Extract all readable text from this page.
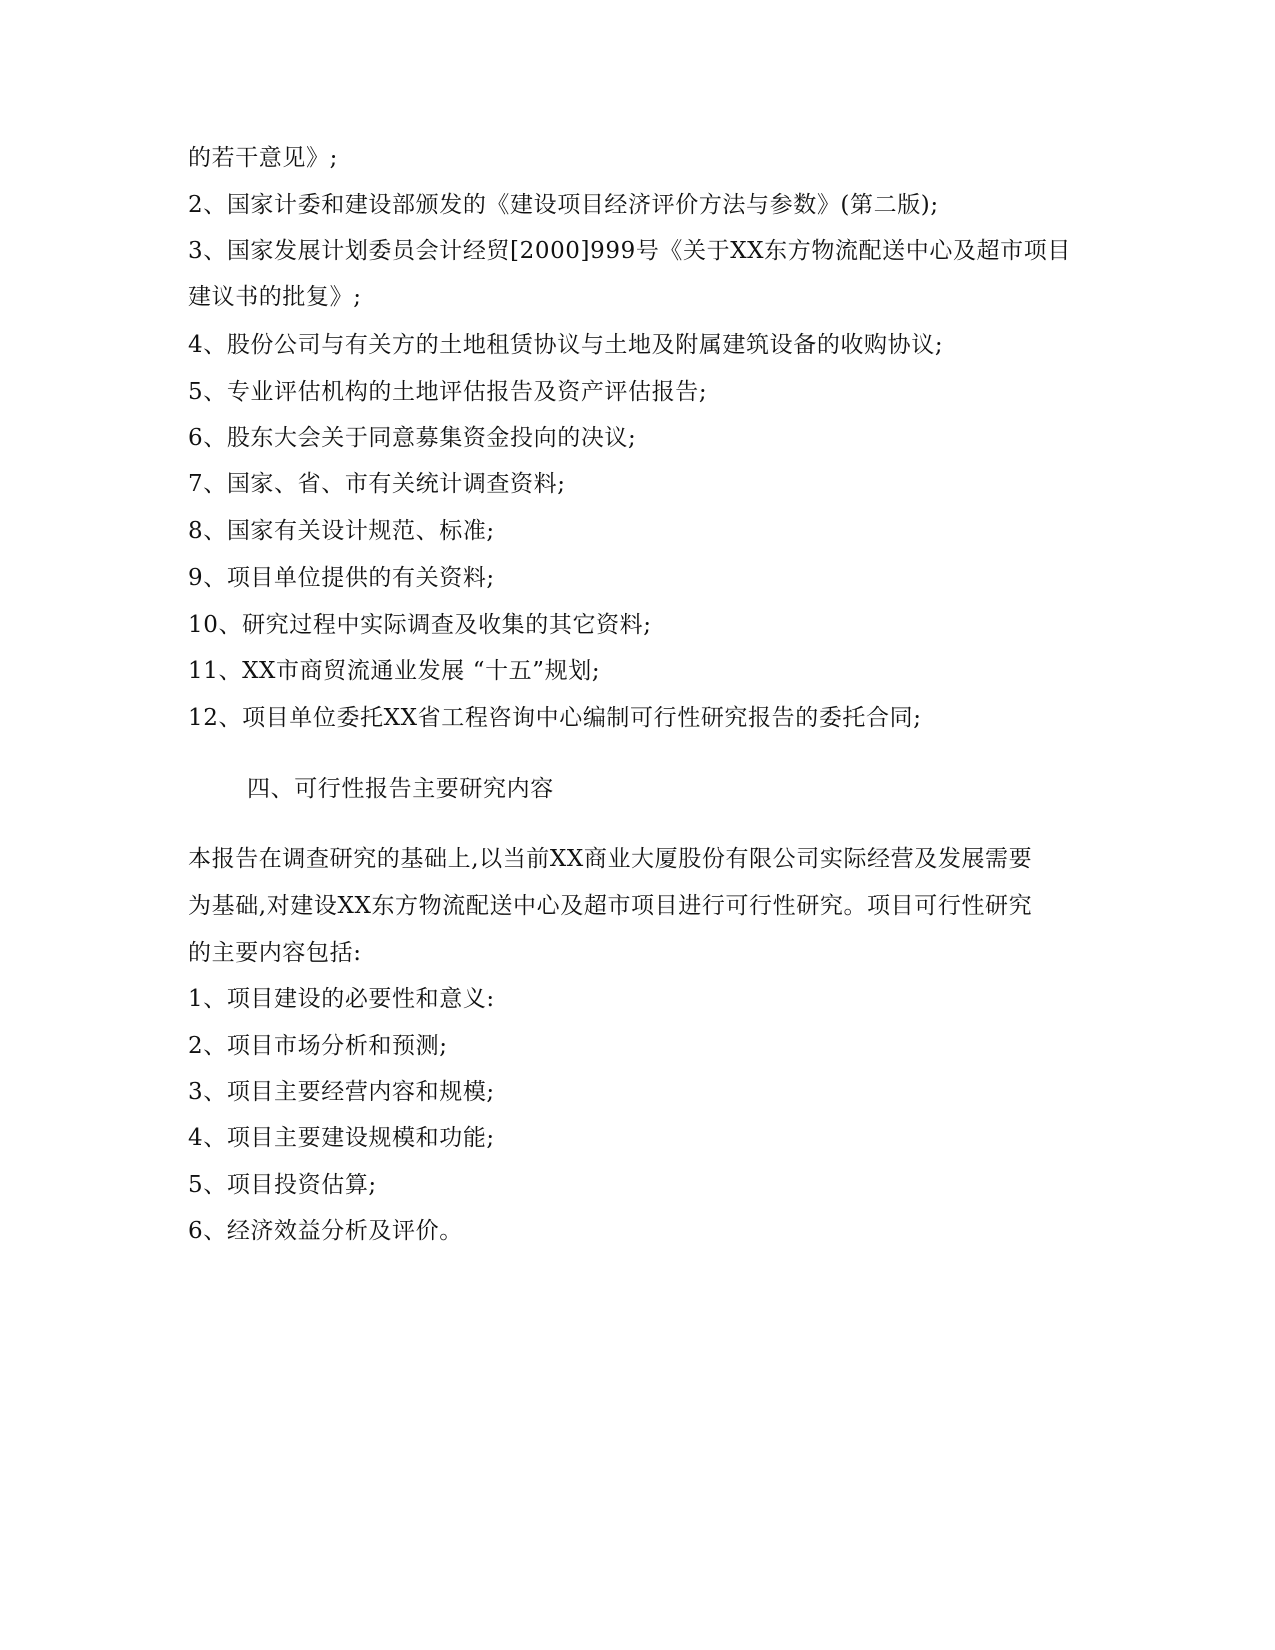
的若干意见》;
2、国家计委和建设部颁发的《建设项目经济评价方法与参数》(第二版);
3、国家发展计划委员会计经贸[2000]999号《关于XX东方物流配送中心及超市项目
建议书的批复》;
4、股份公司与有关方的土地租赁协议与土地及附属建筑设备的收购协议;
5、专业评估机构的土地评估报告及资产评估报告;
6、股东大会关于同意募集资金投向的决议;
7、国家、省、市有关统计调查资料;
8、国家有关设计规范、标准;
9、项目单位提供的有关资料;
10、研究过程中实际调查及收集的其它资料;
11、XX市商贸流通业发展 “十五”规划;
12、项目单位委托XX省工程咨询中心编制可行性研究报告的委托合同;
四、可行性报告主要研究内容
本报告在调查研究的基础上,以当前XX商业大厦股份有限公司实际经营及发展需要
为基础,对建设XX东方物流配送中心及超市项目进行可行性研究。项目可行性研究
的主要内容包括:
1、项目建设的必要性和意义:
2、项目市场分析和预测;
3、项目主要经营内容和规模;
4、项目主要建设规模和功能;
5、项目投资估算;
6、经济效益分析及评价。
